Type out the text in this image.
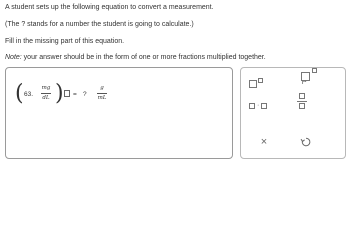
A student sets up the following equation to convert a measurement.
(The ? stands for a number the student is going to calculate.)
Fill in the missing part of this equation.
Note: your answer should be in the form of one or more fractions multiplied together.
( 63.
mg
dL ) = ?
g
mL
·
×
